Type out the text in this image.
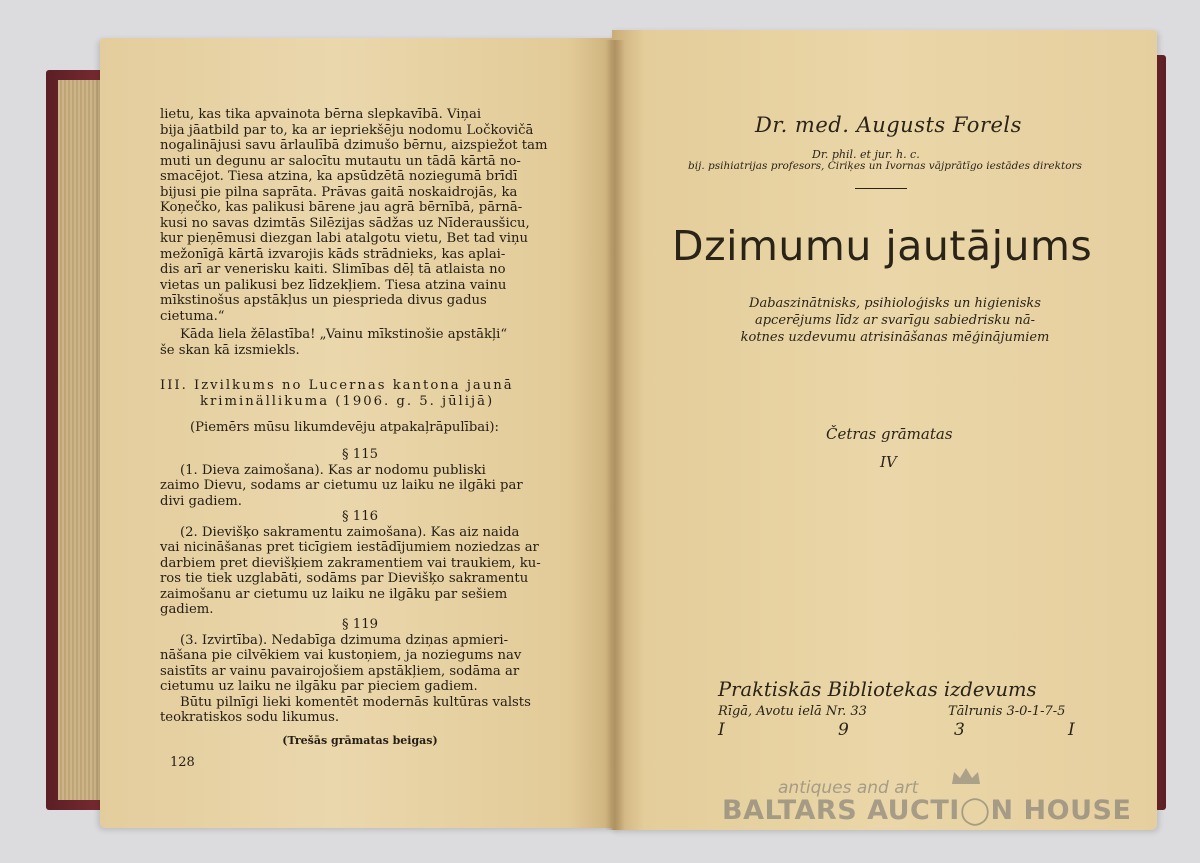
lietu, kas tika apvainota bērna slepkavībā. Viņai

bija jāatbild par to, ka ar iepriekšēju nodomu Ločkovičā

nogalinājusi savu ārlaulībā dzimušo bērnu, aizspiežot tam

muti un degunu ar salocītu mutautu un tādā kārtā no-

smacējot. Tiesa atzina, ka apsūdzētā noziegumā brīdī

bijusi pie pilna saprāta. Prāvas gaitā noskaidrojās, ka

Koņečko, kas palikusi bārene jau agrā bērnībā, pārnā-

kusi no savas dzimtās Silēzijas sādžas uz Nīderausšicu,

kur pieņēmusi diezgan labi atalgotu vietu, Bet tad viņu

mežonīgā kārtā izvarojis kāds strādnieks, kas aplai-

dis arī ar venerisku kaiti. Slimības dēļ tā atlaista no

vietas un palikusi bez līdzekļiem. Tiesa atzina vainu

mīkstinošus apstākļus un piesprieda divus gadus

cietuma.“

Kāda liela žēlastība! „Vainu mīkstinošie apstākļi“

še skan kā izsmiekls.

III. Izvilkums no Lucernas kantona jaunā

kriminällikuma (1906. g. 5. jūlijā)

(Piemērs mūsu likumdevēju atpakaļrāpulībai):

§ 115

(1. Dieva zaimošana). Kas ar nodomu publiski

zaimo Dievu, sodams ar cietumu uz laiku ne ilgāki par

divi gadiem.

§ 116

(2. Dievišķo sakramentu zaimošana). Kas aiz naida

vai nicināšanas pret ticīgiem iestādījumiem noziedzas ar

darbiem pret dievišķiem zakramentiem vai traukiem, ku-

ros tie tiek uzglabāti, sodāms par Dievišķo sakramentu

zaimošanu ar cietumu uz laiku ne ilgāku par sešiem

gadiem.

§ 119

(3. Izvirtība). Nedabīga dzimuma dziņas apmieri-

nāšana pie cilvēkiem vai kustoņiem, ja noziegums nav

saistīts ar vainu pavairojošiem apstākļiem, sodāma ar

cietumu uz laiku ne ilgāku par pieciem gadiem.

Būtu pilnīgi lieki komentēt modernās kultūras valsts

teokratiskos sodu likumus.

(Trešās grāmatas beigas)

128
Dr. med. Augusts Forels
Dr. phil. et jur. h. c.
bij. psihiatrijas profesors, Ciriķes un Ivornas vājprātīgo iestādes direktors
Dzimumu jautājums
Dabaszinātnisks, psihioloģisks un higienisks
apcerējums līdz ar svarīgu sabiedrisku nā-
kotnes uzdevumu atrisināšanas mēģinājumiem
Četras grāmatas
IV
Praktiskās Bibliotekas izdevums
Rīgā, Avotu ielā Nr. 33	Tālrunis 3-0-1-7-5
I	9	3	I
antiques and art
BALTARS AUCTI◯N HOUSE
